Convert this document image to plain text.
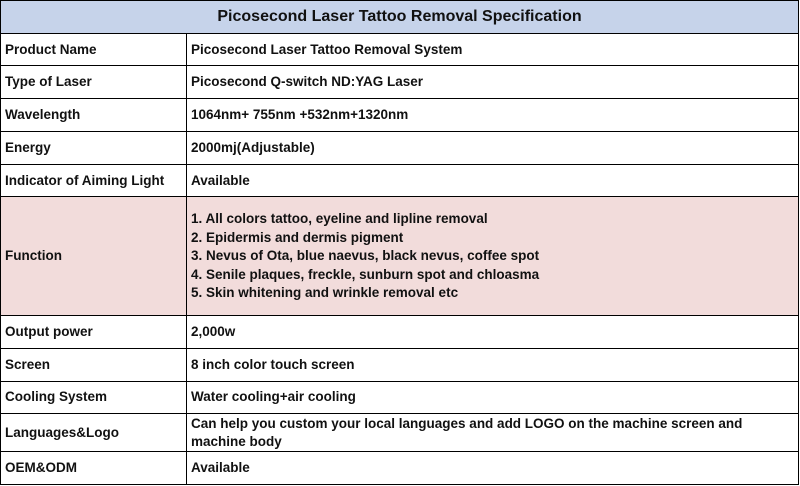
Picosecond Laser Tattoo Removal Specification	
Product Name	Picosecond Laser Tattoo Removal System
Type of Laser	Picosecond Q-switch ND:YAG Laser
Wavelength	1064nm+ 755nm +532nm+1320nm
Energy	2000mj(Adjustable)
Indicator of Aiming Light	Available
Function	1. All colors tattoo, eyeline and lipline removal
2. Epidermis and dermis pigment
3. Nevus of Ota, blue naevus, black nevus, coffee spot
4. Senile plaques, freckle, sunburn spot and chloasma
5. Skin whitening and wrinkle removal etc

Output power	2,000w
Screen	8 inch color touch screen
Cooling System	Water cooling+air cooling
Languages&Logo	Can help you custom your local languages and add LOGO on the machine screen and machine body
OEM&ODM	Available
